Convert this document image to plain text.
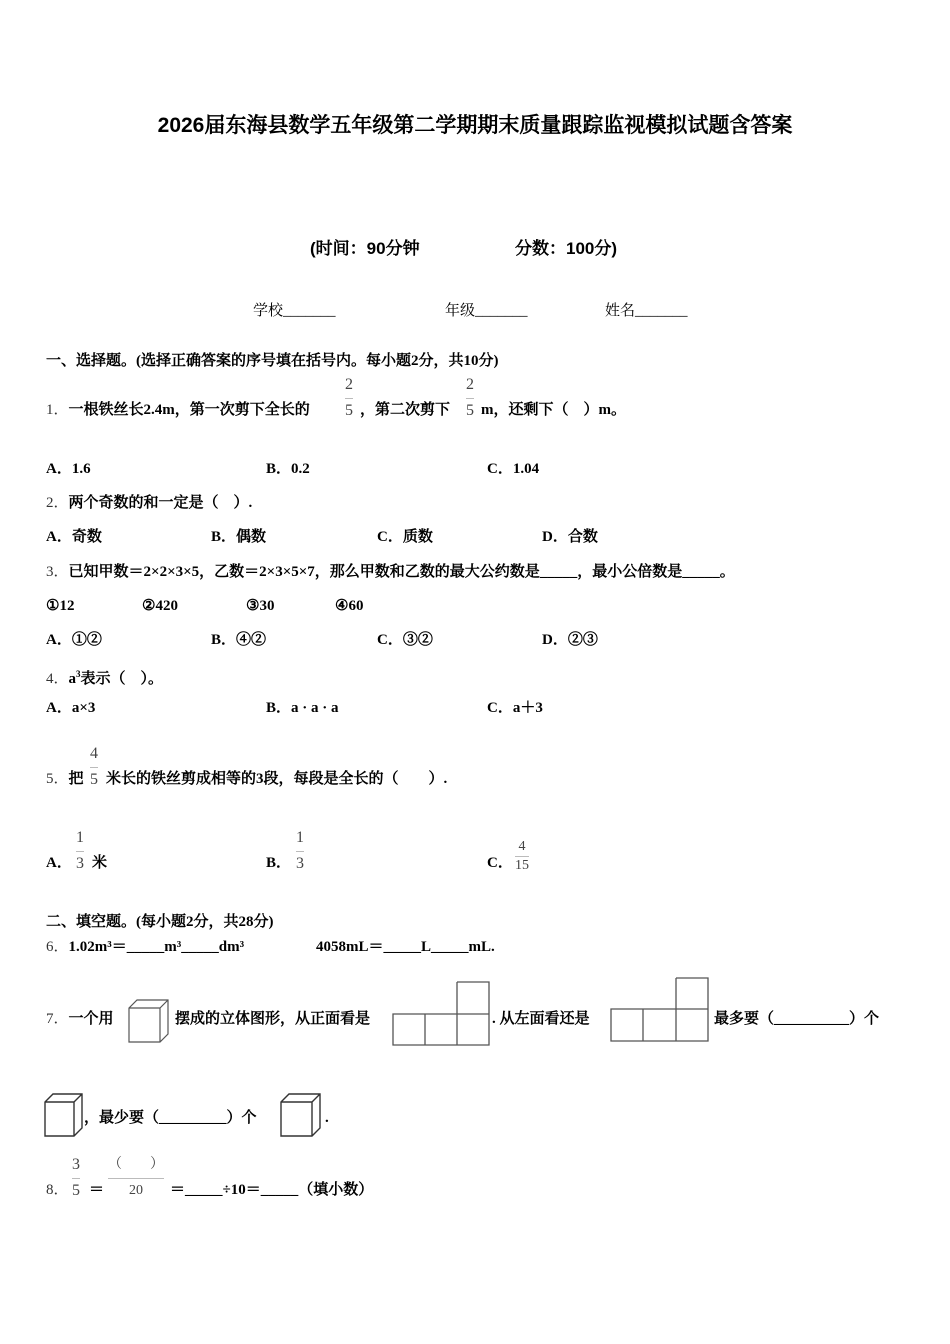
2026届东海县数学五年级第二学期期末质量跟踪监视模拟试题含答案
(时间：90分钟	分数：100分)
学校_______	年级_______	姓名_______
一、选择题。(选择正确答案的序号填在括号内。每小题2分，共10分)
1．一根铁丝长2.4m，第一次剪下全长的
2
5 ，第二次剪下
2
5 m，还剩下（　）m。
A．1.6	B．0.2	C．1.04
2．两个奇数的和一定是（　）.
A．奇数	B．偶数	C．质数	D．合数
3．已知甲数＝2×2×3×5，乙数＝2×3×5×7，那么甲数和乙数的最大公约数是_____，最小公倍数是_____。
①12	②420	③30	④60
A．①②	B．④②	C．③②	D．②③
4．$a^3$表示（　）。
A．a×3	B．a · a · a	C．a＋3
5．把
4
5 米长的铁丝剪成相等的3段，每段是全长的（　　）.
A．
1
3 米	B．
1
3	C．
4
15
二、填空题。(每小题2分，共28分)
6．1.02m³＝_____m³_____dm³	4058mL＝_____L_____mL.
7．一个用	摆成的立体图形，从正面看是	. 从左面看还是	最多要（__________）个
，最少要（_________）个	.
8．
3
5 ＝
（　　）
20 ＝_____÷10＝_____（填小数）
